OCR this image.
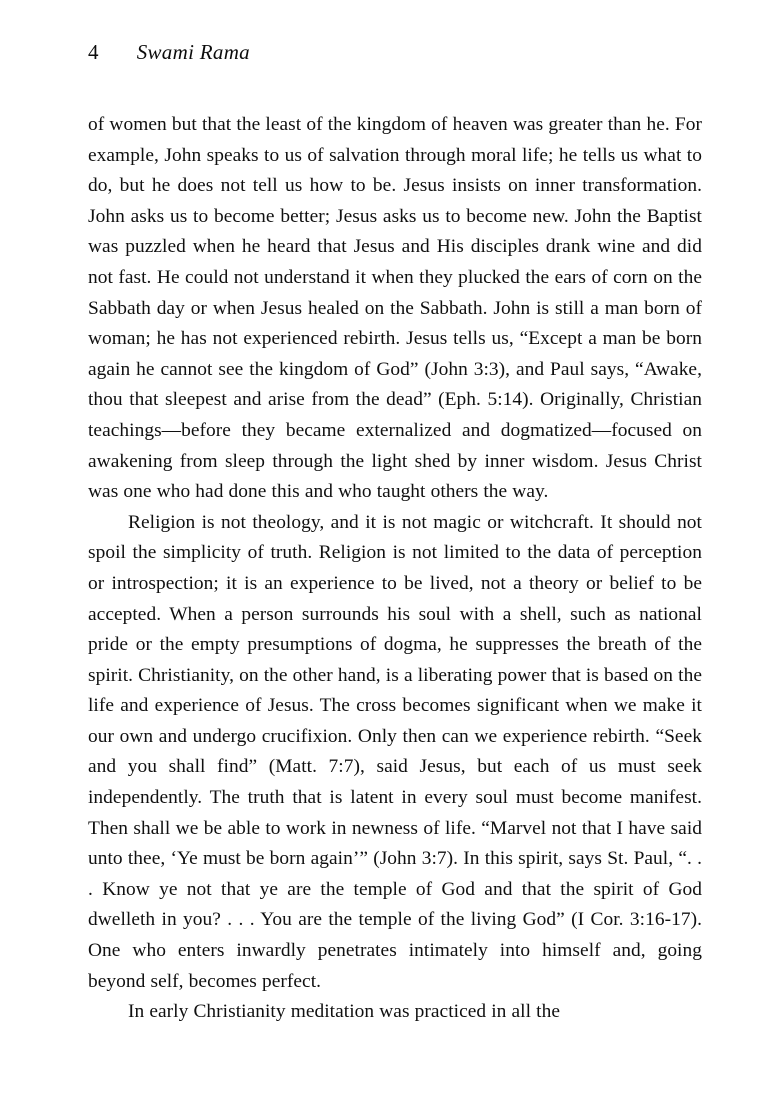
4 Swami Rama

of women but that the least of the kingdom of heaven was greater than he. For example, John speaks to us of salvation through moral life; he tells us what to do, but he does not tell us how to be. Jesus insists on inner transformation. John asks us to become better; Jesus asks us to become new. John the Baptist was puzzled when he heard that Jesus and His disciples drank wine and did not fast. He could not understand it when they plucked the ears of corn on the Sabbath day or when Jesus healed on the Sabbath. John is still a man born of woman; he has not experienced rebirth. Jesus tells us, “Except a man be born again he cannot see the kingdom of God” (John 3:3), and Paul says, “Awake, thou that sleepest and arise from the dead” (Eph. 5:14). Originally, Christian teachings—before they became externalized and dogmatized—focused on awakening from sleep through the light shed by inner wisdom. Jesus Christ was one who had done this and who taught others the way.

Religion is not theology, and it is not magic or witchcraft. It should not spoil the simplicity of truth. Religion is not limited to the data of perception or introspection; it is an experience to be lived, not a theory or belief to be accepted. When a person surrounds his soul with a shell, such as national pride or the empty presumptions of dogma, he suppresses the breath of the spirit. Christianity, on the other hand, is a liberating power that is based on the life and experience of Jesus. The cross becomes significant when we make it our own and undergo crucifixion. Only then can we experience rebirth. “Seek and you shall find” (Matt. 7:7), said Jesus, but each of us must seek independently. The truth that is latent in every soul must become manifest. Then shall we be able to work in newness of life. “Marvel not that I have said unto thee, ‘Ye must be born again’” (John 3:7). In this spirit, says St. Paul, “. . . Know ye not that ye are the temple of God and that the spirit of God dwelleth in you? . . . You are the temple of the living God” (I Cor. 3:16-17). One who enters inwardly penetrates intimately into himself and, going beyond self, becomes perfect.

In early Christianity meditation was practiced in all the
